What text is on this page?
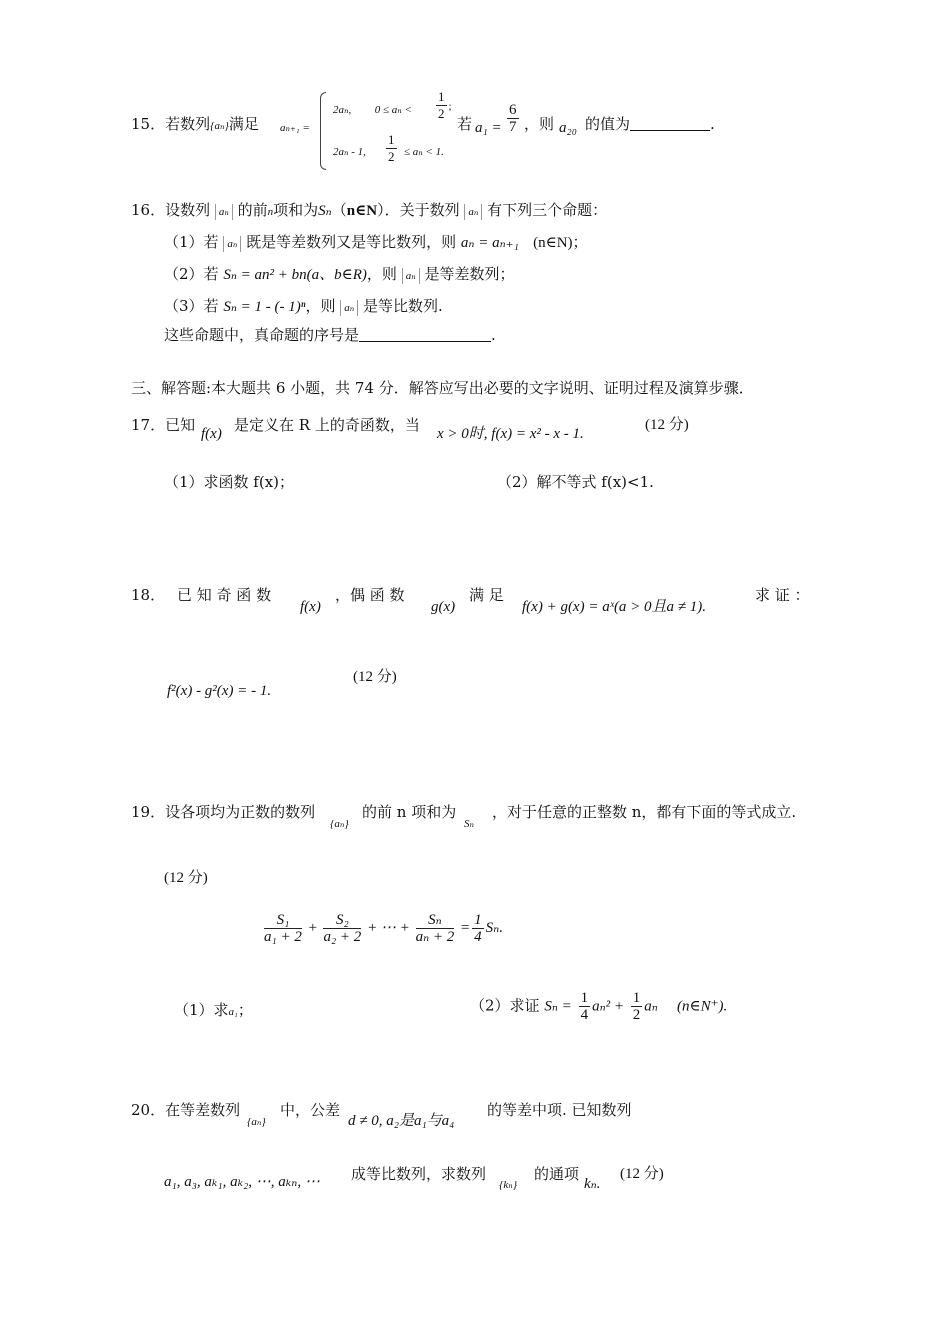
15．若数列{aₙ}满足 aₙ₊₁ =
2aₙ, $0 \le a_n < \frac{1}{2}$ ;
2aₙ - 1, $\frac{1}{2} \le a_n < 1$.
若 $a_1 = \frac{6}{7}$ ，则 a₂₀ 的值为	.
16．设数列 aₙ 的前n项和为Sₙ（n∈N）．关于数列 aₙ 有下列三个命题：
（1）若 aₙ 既是等差数列又是等比数列，则 aₙ = aₙ₊₁ (n∈N)；
（2）若 Sₙ = an² + bn(a、b∈R)，则 aₙ 是等差数列；
（3）若 Sₙ = 1 - (- 1)ⁿ，则 aₙ 是等比数列.
这些命题中，真命题的序号是	.
三、解答题:本大题共 6 小题，共 74 分．解答应写出必要的文字说明、证明过程及演算步骤．
17．已知 f(x) 是定义在 R 上的奇函数，当 x > 0时, f(x) = x² - x - 1.
(12 分)
（1）求函数 f(x)；	（2）解不等式 f(x)<1.
18． 已 知 奇 函 数
f(x)
，偶 函 数
g(x)
满 足
f(x) + g(x) = aˣ(a > 0且a ≠ 1).
求 证 ：
f²(x) - g²(x) = - 1.
(12 分)
19．设各项均为正数的数列
{aₙ}
的前 n 项和为
Sₙ
，对于任意的正整数 n，都有下面的等式成立.
(12 分)
$\frac{\text{S₁}}{\text{a₁ + 2}} + \frac{\text{S₂}}{\text{a₂ + 2}}$ + ⋯ + $\frac{\text{Sₙ}}{\text{aₙ + 2}} = \frac{1}{4} S_n$.
（1）求a₁；	（2）求证 $S_n = \frac{1}{4} a_n^2 + \frac{1}{2}$ aₙ (n∈N⁺).
20．在等差数列
{aₙ}
中，公差
d ≠ 0, a₂是a₁与a₄
的等差中项. 已知数列
a₁, a₃, aₖ₁, aₖ₂, ⋯, aₖₙ, ⋯ 成等比数列，求数列
{kₙ}
的通项
kₙ.
(12 分)
